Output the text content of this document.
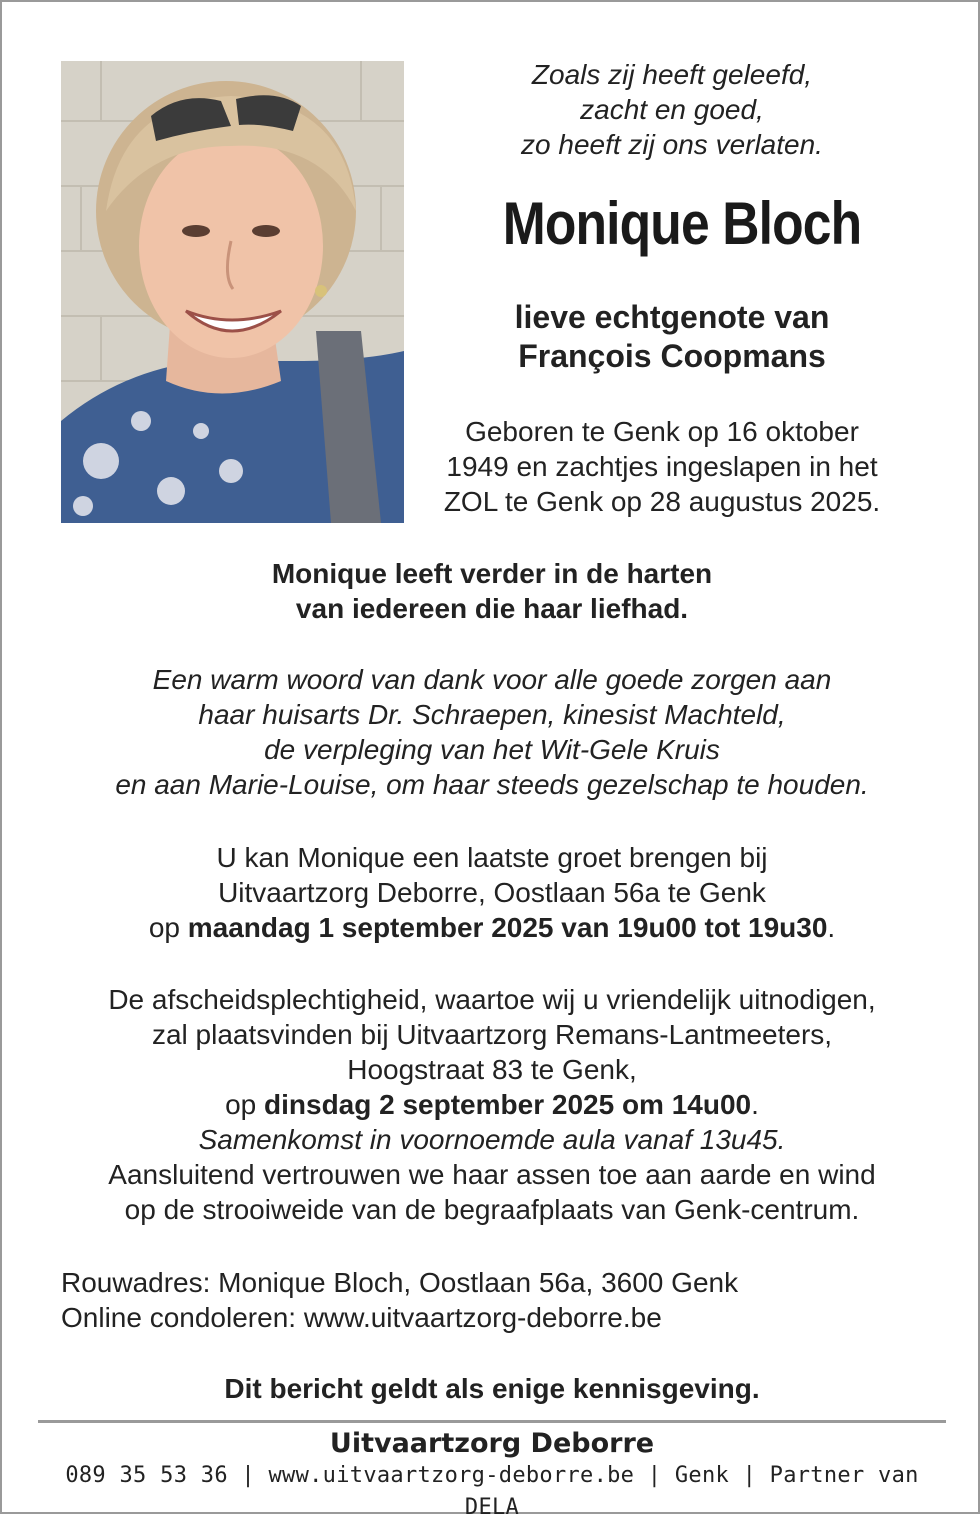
Zoals zij heeft geleefd,
zacht en goed,
zo heeft zij ons verlaten.
Monique Bloch
lieve echtgenote van
François Coopmans
Geboren te Genk op 16 oktober
1949 en zachtjes ingeslapen in het
ZOL te Genk op 28 augustus 2025.
Monique leeft verder in de harten
van iedereen die haar liefhad.
Een warm woord van dank voor alle goede zorgen aan
haar huisarts Dr. Schraepen, kinesist Machteld,
de verpleging van het Wit-Gele Kruis
en aan Marie-Louise, om haar steeds gezelschap te houden.
U kan Monique een laatste groet brengen bij
Uitvaartzorg Deborre, Oostlaan 56a te Genk
op maandag 1 september 2025 van 19u00 tot 19u30.
De afscheidsplechtigheid, waartoe wij u vriendelijk uitnodigen,
zal plaatsvinden bij Uitvaartzorg Remans-Lantmeeters,
Hoogstraat 83 te Genk,
op dinsdag 2 september 2025 om 14u00.
Samenkomst in voornoemde aula vanaf 13u45.
Aansluitend vertrouwen we haar assen toe aan aarde en wind
op de strooiweide van de begraafplaats van Genk-centrum.
Rouwadres: Monique Bloch, Oostlaan 56a, 3600 Genk
Online condoleren: www.uitvaartzorg-deborre.be
Dit bericht geldt als enige kennisgeving.
Uitvaartzorg Deborre
089 35 53 36 | www.uitvaartzorg-deborre.be | Genk | Partner van DELA
